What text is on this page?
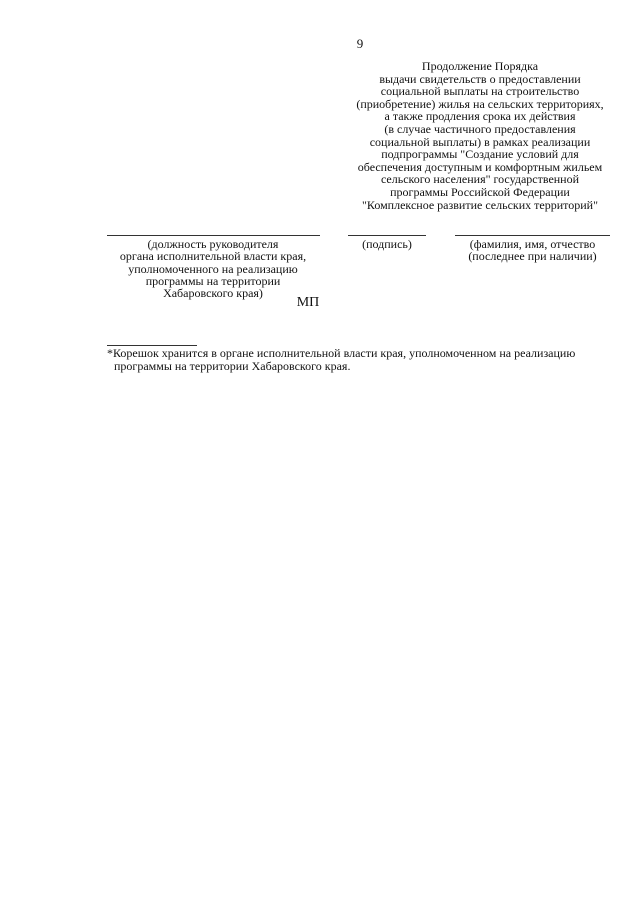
9
Продолжение Порядка
выдачи свидетельств о предоставлении
социальной выплаты на строительство
(приобретение) жилья на сельских территориях,
а также продления срока их действия
(в случае частичного предоставления
социальной выплаты) в рамках реализации
подпрограммы "Создание условий для
обеспечения доступным и комфортным жильем
сельского населения" государственной
программы Российской Федерации
"Комплексное развитие сельских территорий"
(должность руководителя
органа исполнительной власти края,
уполномоченного на реализацию
программы на территории
Хабаровского края)
(подпись)	(фамилия, имя, отчество
(последнее при наличии)
МП
*Корешок хранится в органе исполнительной власти края, уполномоченном на реализацию
программы на территории Хабаровского края.
